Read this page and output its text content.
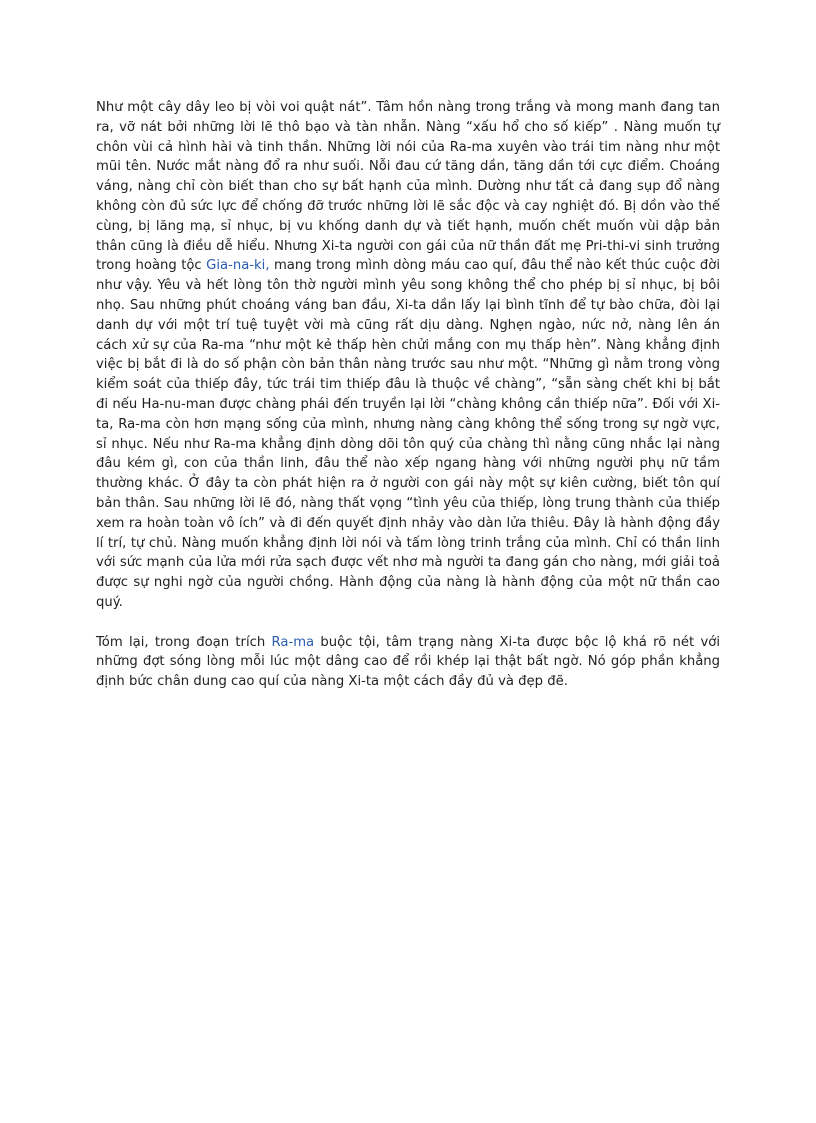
Như một cây dây leo bị vòi voi quật nát”. Tâm hồn nàng trong trắng và mong manh đang tan ra, vỡ nát bởi những lời lẽ thô bạo và tàn nhẫn. Nàng “xấu hổ cho số kiếp” . Nàng muốn tự chôn vùi cả hình hài và tinh thần. Những lời nói của Ra-ma xuyên vào trái tim nàng như một mũi tên. Nước mắt nàng đổ ra như suối. Nỗi đau cứ tăng dần, tăng dần tới cực điểm. Choáng váng, nàng chỉ còn biết than cho sự bất hạnh của mình. Dường như tất cả đang sụp đổ nàng không còn đủ sức lực để chống đỡ trước những lời lẽ sắc độc và cay nghiệt đó. Bị dồn vào thế cùng, bị lăng mạ, sỉ nhục, bị vu khống danh dự và tiết hạnh, muốn chết muốn vùi dập bản thân cũng là điều dễ hiểu. Nhưng Xi-ta người con gái của nữ thần đất mẹ Pri-thi-vi sinh trưởng trong hoàng tộc Gia-na-ki, mang trong mình dòng máu cao quí, đâu thể nào kết thúc cuộc đời như vậy. Yêu và hết lòng tôn thờ người mình yêu song không thể cho phép bị sỉ nhục, bị bôi nhọ. Sau những phút choáng váng ban đầu, Xi-ta dần lấy lại bình tĩnh để tự bào chữa, đòi lại danh dự với một trí tuệ tuyệt vời mà cũng rất dịu dàng. Nghẹn ngào, nức nở, nàng lên án cách xử sự của Ra-ma “như một kẻ thấp hèn chửi mắng con mụ thấp hèn”. Nàng khẳng định việc bị bắt đi là do số phận còn bản thân nàng trước sau như một. “Những gì nằm trong vòng kiểm soát của thiếp đây, tức trái tim thiếp đâu là thuộc về chàng”, “sẵn sàng chết khi bị bắt đi nếu Ha-nu-man được chàng phái đến truyền lại lời “chàng không cần thiếp nữa”. Đối với Xi-ta, Ra-ma còn hơn mạng sống của mình, nhưng nàng càng không thể sống trong sự ngờ vực, sỉ nhục. Nếu như Ra-ma khẳng định dòng dõi tôn quý của chàng thì nằng cũng nhắc lại nàng đâu kém gì, con của thần linh, đâu thể nào xếp ngang hàng với những người phụ nữ tầm thường khác. Ở đây ta còn phát hiện ra ở người con gái này một sự kiên cường, biết tôn quí bản thân. Sau những lời lẽ đó, nàng thất vọng “tình yêu của thiếp, lòng trung thành của thiếp xem ra hoàn toàn vô ích” và đi đến quyết định nhảy vào dàn lửa thiêu. Đây là hành động đầy lí trí, tự chủ. Nàng muốn khẳng định lời nói và tấm lòng trinh trắng của mình. Chỉ có thần linh với sức mạnh của lửa mới rửa sạch được vết nhơ mà người ta đang gán cho nàng, mới giải toả được sự nghi ngờ của người chồng. Hành động của nàng là hành động của một nữ thần cao quý.

Tóm lại, trong đoạn trích Ra-ma buộc tội, tâm trạng nàng Xi-ta được bộc lộ khá rõ nét với những đợt sóng lòng mỗi lúc một dâng cao để rồi khép lại thật bất ngờ. Nó góp phần khẳng định bức chân dung cao quí của nàng Xi-ta một cách đầy đủ và đẹp đẽ.
